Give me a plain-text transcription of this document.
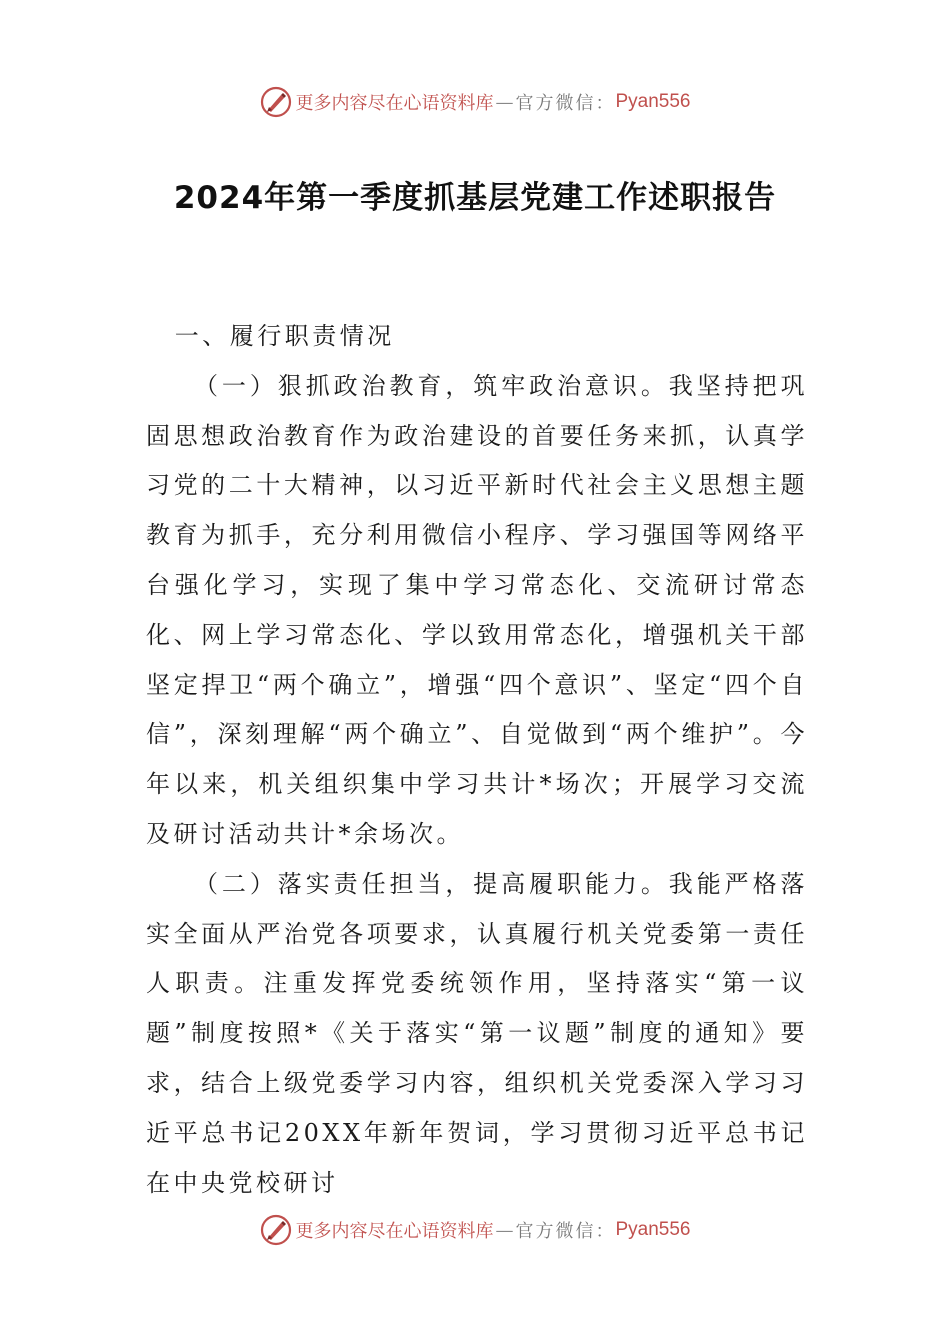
更多内容尽在心语资料库 — 官方微信： Pyan556
2024年第一季度抓基层党建工作述职报告

一、履行职责情况

（一）狠抓政治教育，筑牢政治意识。我坚持把巩固思想政治教育作为政治建设的首要任务来抓，认真学习党的二十大精神，以习近平新时代社会主义思想主题教育为抓手，充分利用微信小程序、学习强国等网络平台强化学习，实现了集中学习常态化、交流研讨常态化、网上学习常态化、学以致用常态化，增强机关干部坚定捍卫“两个确立”，增强“四个意识”、坚定“四个自信”，深刻理解“两个确立”、自觉做到“两个维护”。今年以来，机关组织集中学习共计*场次；开展学习交流及研讨活动共计*余场次。

（二）落实责任担当，提高履职能力。我能严格落实全面从严治党各项要求，认真履行机关党委第一责任人职责。注重发挥党委统领作用，坚持落实“第一议题”制度按照*《关于落实“第一议题”制度的通知》要求，结合上级党委学习内容，组织机关党委深入学习习近平总书记20XX年新年贺词，学习贯彻习近平总书记在中央党校研讨

更多内容尽在心语资料库 — 官方微信： Pyan556
